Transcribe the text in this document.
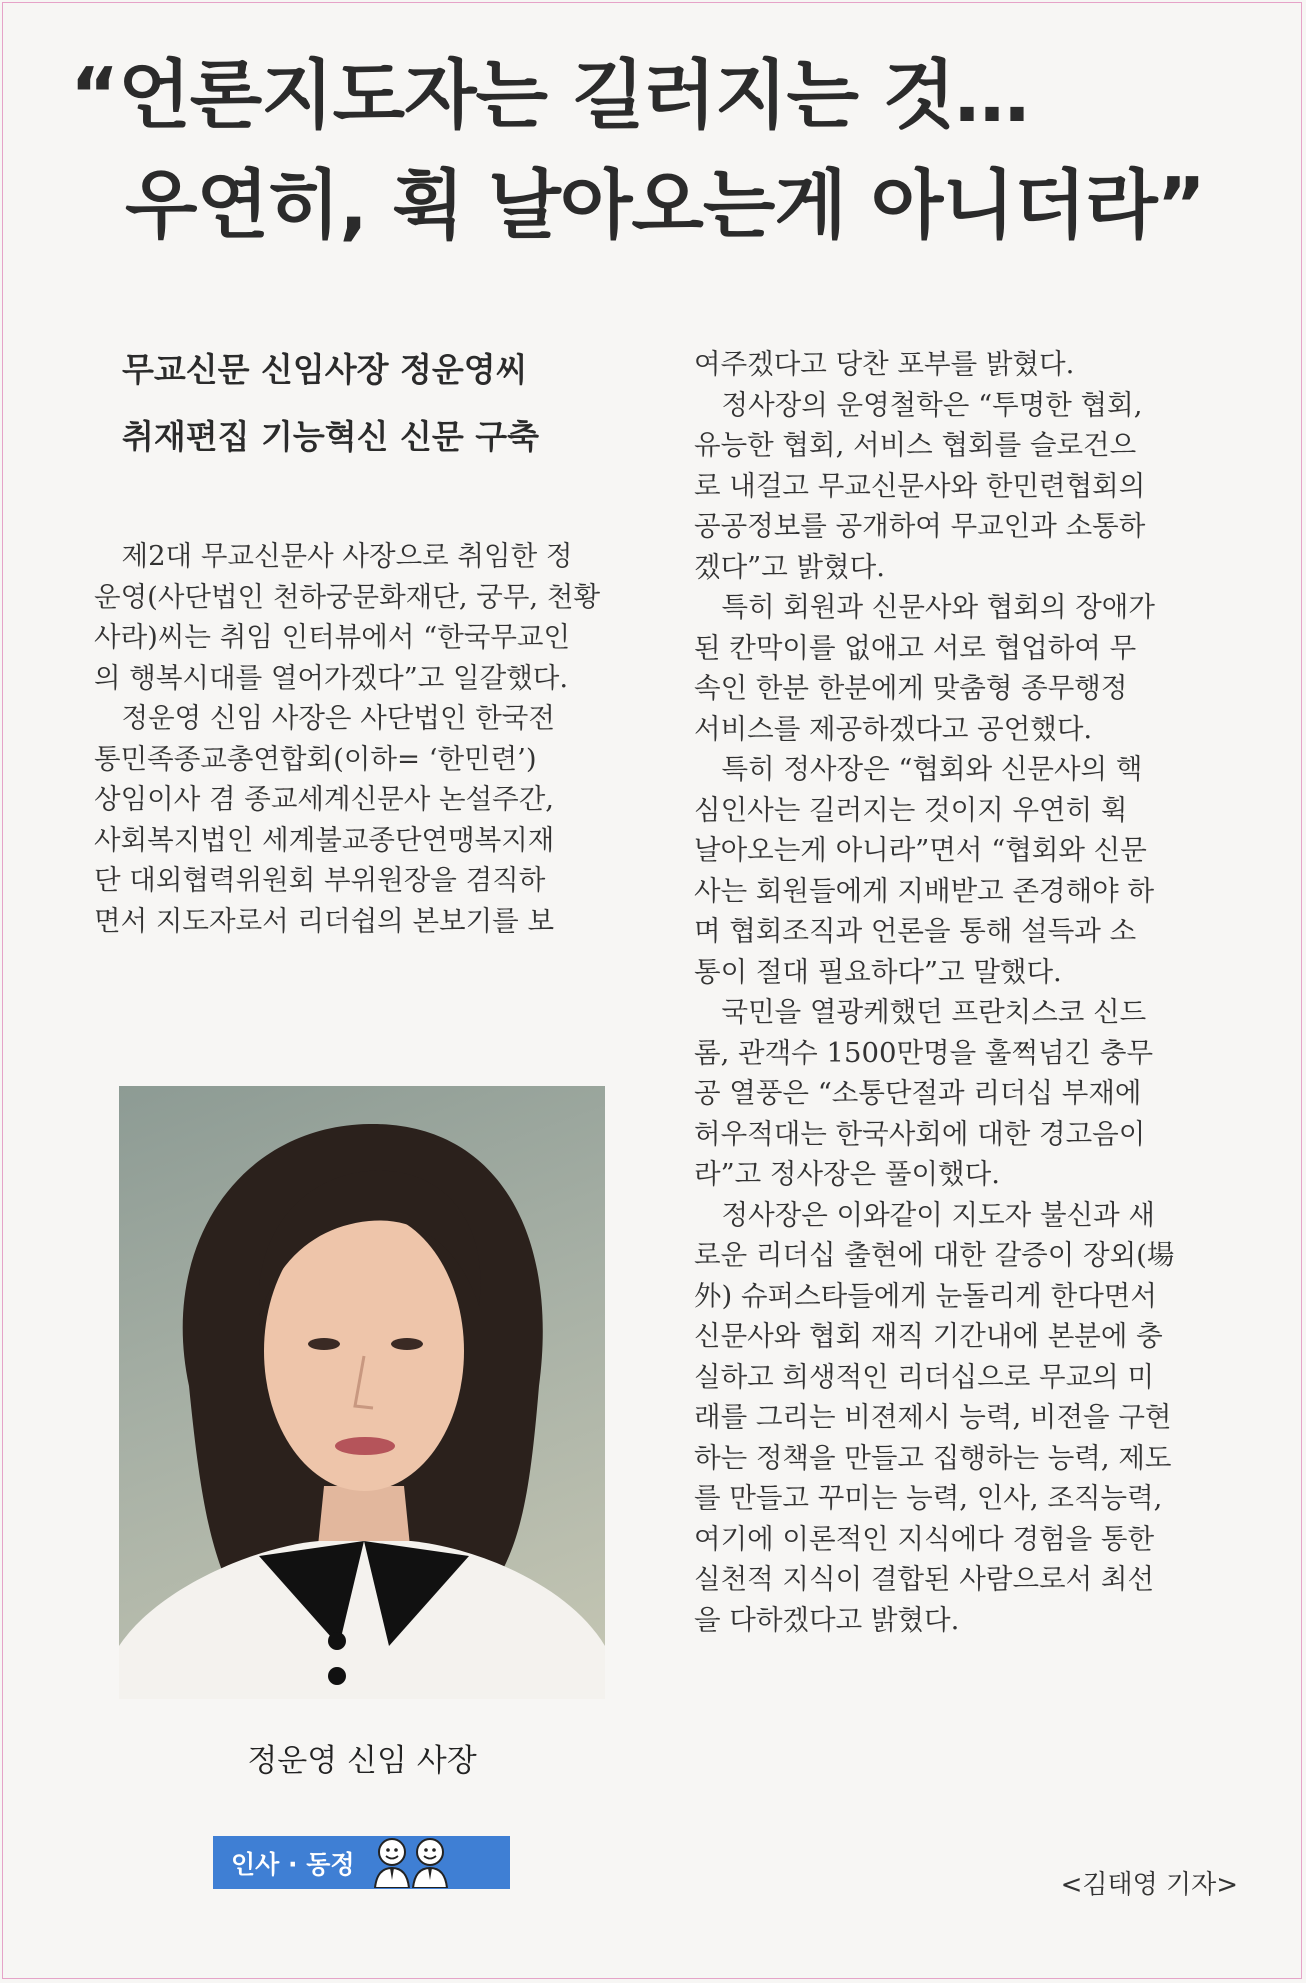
“언론지도자는 길러지는 것…
우연히, 휙 날아오는게 아니더라”
무교신문 신임사장 정운영씨
취재편집 기능혁신 신문 구축
　제2대 무교신문사 사장으로 취임한 정
운영(사단법인 천하궁문화재단, 궁무, 천황
사라)씨는 취임 인터뷰에서 “한국무교인
의 행복시대를 열어가겠다”고 일갈했다.
　정운영 신임 사장은 사단법인 한국전
통민족종교총연합회(이하= ‘한민련’)
상임이사 겸 종교세계신문사 논설주간,
사회복지법인 세계불교종단연맹복지재
단 대외협력위원회 부위원장을 겸직하
면서 지도자로서 리더쉽의 본보기를 보
여주겠다고 당찬 포부를 밝혔다.
　정사장의 운영철학은 “투명한 협회,
유능한 협회, 서비스 협회를 슬로건으
로 내걸고 무교신문사와 한민련협회의
공공정보를 공개하여 무교인과 소통하
겠다”고 밝혔다.
　특히 회원과 신문사와 협회의 장애가
된 칸막이를 없애고 서로 협업하여 무
속인 한분 한분에게 맞춤형 종무행정
서비스를 제공하겠다고 공언했다.
　특히 정사장은 “협회와 신문사의 핵
심인사는 길러지는 것이지 우연히 휙
날아오는게 아니라”면서 “협회와 신문
사는 회원들에게 지배받고 존경해야 하
며 협회조직과 언론을 통해 설득과 소
통이 절대 필요하다”고 말했다.
　국민을 열광케했던 프란치스코 신드
롬, 관객수 1500만명을 훌쩍넘긴 충무
공 열풍은 “소통단절과 리더십 부재에
허우적대는 한국사회에 대한 경고음이
라”고 정사장은 풀이했다.
　정사장은 이와같이 지도자 불신과 새
로운 리더십 출현에 대한 갈증이 장외(場
外) 슈퍼스타들에게 눈돌리게 한다면서
신문사와 협회 재직 기간내에 본분에 충
실하고 희생적인 리더십으로 무교의 미
래를 그리는 비젼제시 능력, 비젼을 구현
하는 정책을 만들고 집행하는 능력, 제도
를 만들고 꾸미는 능력, 인사, 조직능력,
여기에 이론적인 지식에다 경험을 통한
실천적 지식이 결합된 사람으로서 최선
을 다하겠다고 밝혔다.
정운영 신임 사장
인사 · 동정
<김태영 기자>
